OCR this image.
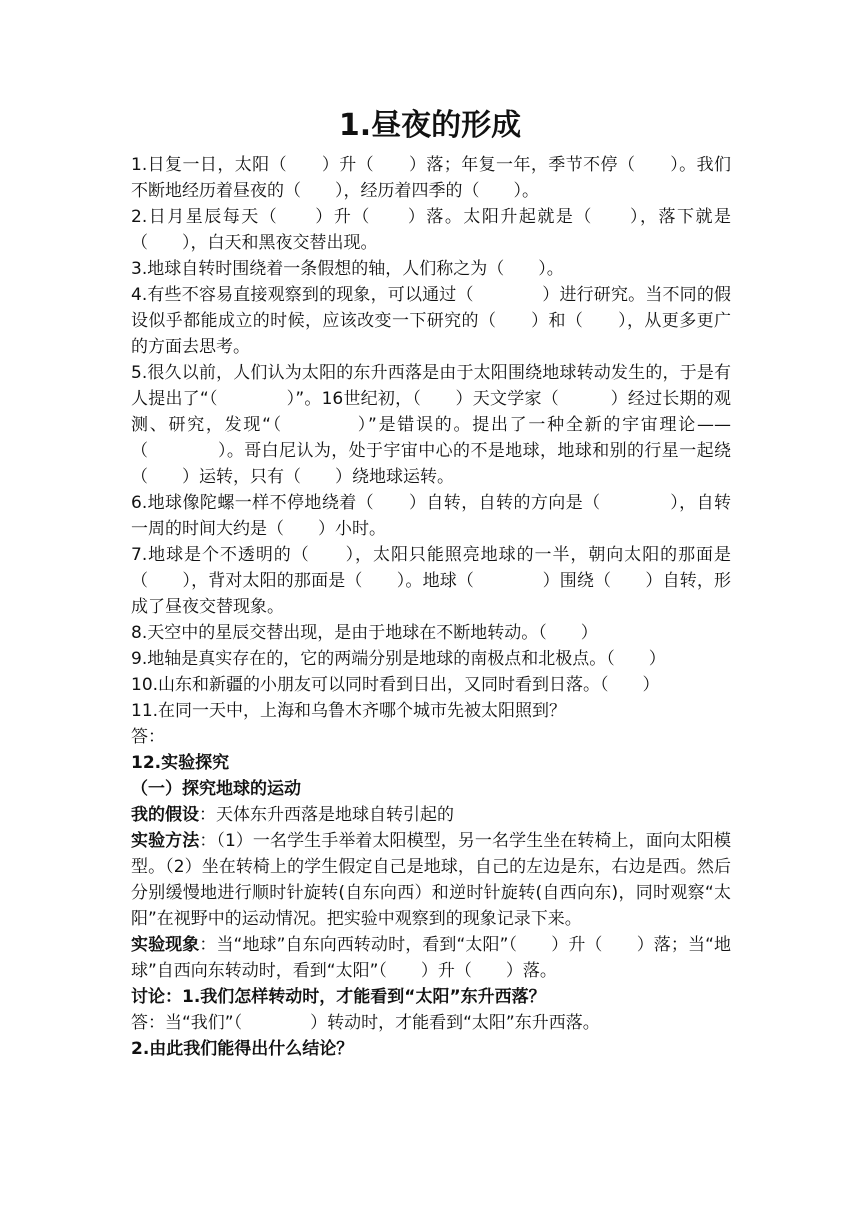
1.昼夜的形成

1.日复一日，太阳（　　）升（　　）落；年复一年，季节不停（　　）。我们不断地经历着昼夜的（　　），经历着四季的（　　）。

2.日月星辰每天（　　）升（　　）落。太阳升起就是（　　），落下就是（　　），白天和黑夜交替出现。

3.地球自转时围绕着一条假想的轴，人们称之为（　　）。

4.有些不容易直接观察到的现象，可以通过（　　　　）进行研究。当不同的假设似乎都能成立的时候，应该改变一下研究的（　　）和（　　），从更多更广的方面去思考。

5.很久以前，人们认为太阳的东升西落是由于太阳围绕地球转动发生的，于是有人提出了“（　　　　）”。16世纪初，（　　）天文学家（　　　）经过长期的观测、研究，发现“（　　　　）”是错误的。提出了一种全新的宇宙理论——（　　　　）。哥白尼认为，处于宇宙中心的不是地球，地球和别的行星一起绕（　　）运转，只有（　　）绕地球运转。

6.地球像陀螺一样不停地绕着（　　）自转，自转的方向是（　　　　），自转一周的时间大约是（　　）小时。

7.地球是个不透明的（　　），太阳只能照亮地球的一半，朝向太阳的那面是（　　），背对太阳的那面是（　　）。地球（　　　　）围绕（　　）自转，形成了昼夜交替现象。

8.天空中的星辰交替出现，是由于地球在不断地转动。（　　）

9.地轴是真实存在的，它的两端分别是地球的南极点和北极点。（　　）

10.山东和新疆的小朋友可以同时看到日出，又同时看到日落。（　　）

11.在同一天中，上海和乌鲁木齐哪个城市先被太阳照到？

答：

12.实验探究

（一）探究地球的运动

我的假设：天体东升西落是地球自转引起的

实验方法：（1）一名学生手举着太阳模型，另一名学生坐在转椅上，面向太阳模型。（2）坐在转椅上的学生假定自己是地球，自己的左边是东，右边是西。然后分别缓慢地进行顺时针旋转(自东向西）和逆时针旋转(自西向东)，同时观察“太阳”在视野中的运动情况。把实验中观察到的现象记录下来。

实验现象：当“地球”自东向西转动时，看到“太阳”（　　）升（　　）落；当“地球”自西向东转动时，看到“太阳”（　　）升（　　）落。

讨论：1.我们怎样转动时，才能看到“太阳”东升西落？

答：当“我们”（　　　　）转动时，才能看到“太阳”东升西落。

2.由此我们能得出什么结论？
